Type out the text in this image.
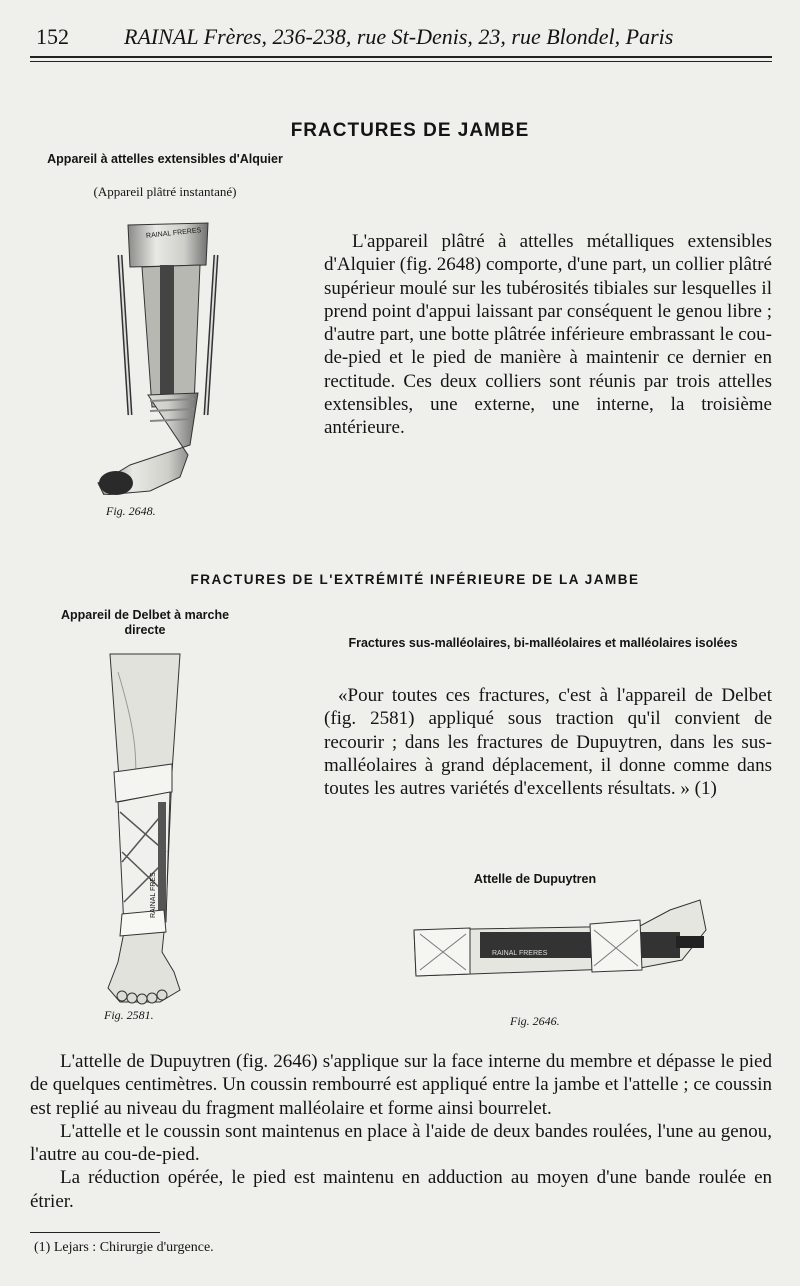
152	RAINAL Frères, 236-238, rue St-Denis, 23, rue Blondel, Paris
FRACTURES DE JAMBE
Appareil à attelles extensibles d'Alquier
(Appareil plâtré instantané)
RAINAL FRERES
Fig. 2648.

L'appareil plâtré à attelles métalliques extensibles d'Alquier (fig. 2648) comporte, d'une part, un collier plâtré supérieur moulé sur les tubérosités tibiales sur lesquelles il prend point d'appui laissant par conséquent le genou libre ; d'autre part, une botte plâtrée inférieure embrassant le cou-de-pied et le pied de manière à maintenir ce dernier en rectitude. Ces deux colliers sont réunis par trois attelles extensibles, une externe, une interne, la troisième antérieure.

FRACTURES DE L'EXTRÉMITÉ INFÉRIEURE DE LA JAMBE
Appareil de Delbet à marche directe
Fractures sus-malléolaires, bi-malléolaires et malléolaires isolées
RAINAL FRES
Fig. 2581.

«Pour toutes ces fractures, c'est à l'appareil de Delbet (fig. 2581) appliqué sous traction qu'il convient de recourir ; dans les fractures de Dupuytren, dans les sus-malléolaires à grand déplacement, il donne comme dans toutes les autres variétés d'excellents résultats. » (1)

Attelle de Dupuytren
RAINAL FRERES
Fig. 2646.

L'attelle de Dupuytren (fig. 2646) s'applique sur la face interne du membre et dépasse le pied de quelques centimètres. Un coussin rembourré est appliqué entre la jambe et l'attelle ; ce coussin est replié au niveau du fragment malléolaire et forme ainsi bourrelet.

L'attelle et le coussin sont maintenus en place à l'aide de deux bandes roulées, l'une au genou, l'autre au cou-de-pied.

La réduction opérée, le pied est maintenu en adduction au moyen d'une bande roulée en étrier.

(1) Lejars : Chirurgie d'urgence.
